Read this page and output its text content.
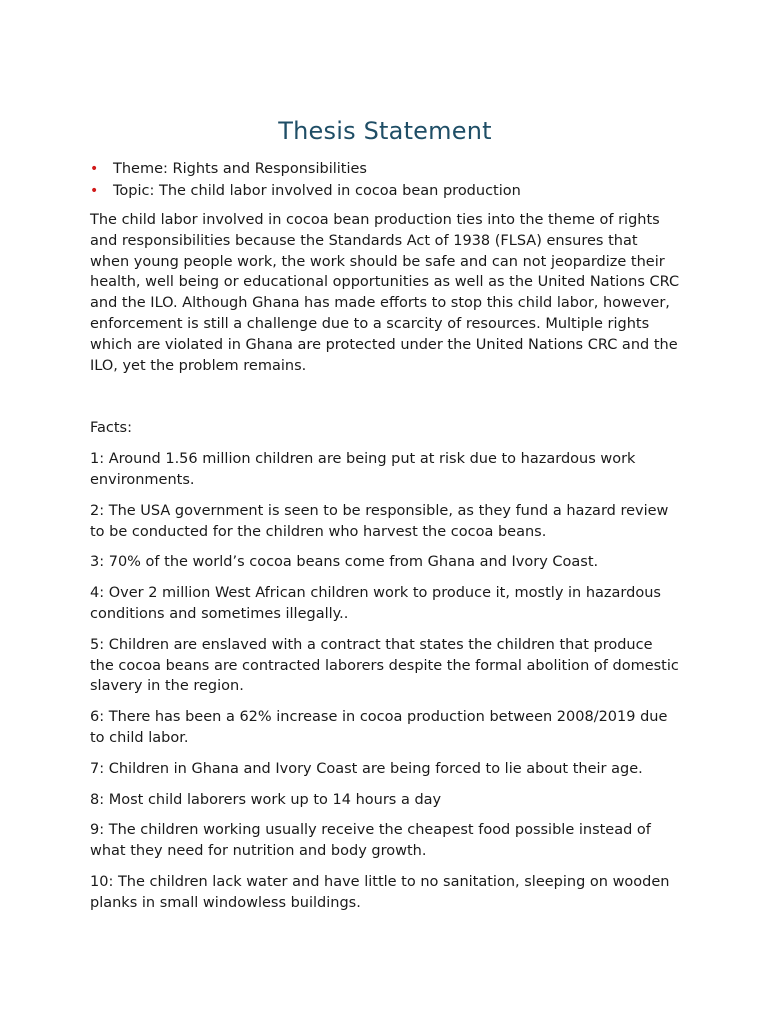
Thesis Statement
• Theme: Rights and Responsibilities
• Topic: The child labor involved in cocoa bean production

The child labor involved in cocoa bean production ties into the theme of rights and responsibilities because the Standards Act of 1938 (FLSA) ensures that when young people work, the work should be safe and can not jeopardize their health, well being or educational opportunities as well as the United Nations CRC and the ILO. Although Ghana has made efforts to stop this child labor, however, enforcement is still a challenge due to a scarcity of resources. Multiple rights which are violated in Ghana are protected under the United Nations CRC and the ILO, yet the problem remains.

Facts:

1: Around 1.56 million children are being put at risk due to hazardous work environments.

2: The USA government is seen to be responsible, as they fund a hazard review to be conducted for the children who harvest the cocoa beans.

3: 70% of the world’s cocoa beans come from Ghana and Ivory Coast.

4: Over 2 million West African children work to produce it, mostly in hazardous conditions and sometimes illegally..

5: Children are enslaved with a contract that states the children that produce the cocoa beans are contracted laborers despite the formal abolition of domestic slavery in the region.

6: There has been a 62% increase in cocoa production between 2008/2019 due to child labor.

7: Children in Ghana and Ivory Coast are being forced to lie about their age.

8: Most child laborers work up to 14 hours a day

9: The children working usually receive the cheapest food possible instead of what they need for nutrition and body growth.

10: The children lack water and have little to no sanitation, sleeping on wooden planks in small windowless buildings.
